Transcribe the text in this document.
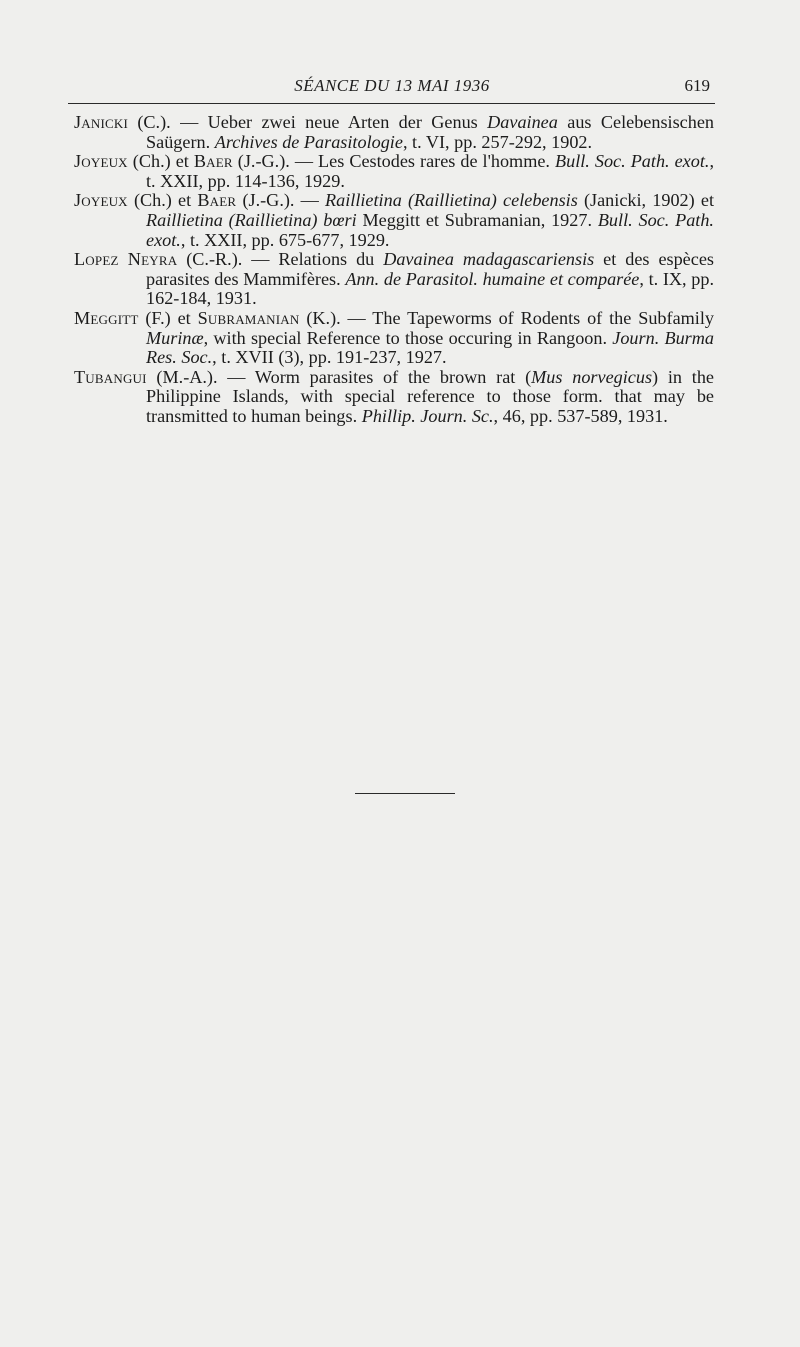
SÉANCE DU 13 MAI 1936	619

Janicki (C.). — Ueber zwei neue Arten der Genus Davainea aus Celebensischen Saügern. Archives de Parasitologie, t. VI, pp. 257-292, 1902.

Joyeux (Ch.) et Baer (J.-G.). — Les Cestodes rares de l'homme. Bull. Soc. Path. exot., t. XXII, pp. 114-136, 1929.

Joyeux (Ch.) et Baer (J.-G.). — Raillietina (Raillietina) celebensis (Janicki, 1902) et Raillietina (Raillietina) bœri Meggitt et Subramanian, 1927. Bull. Soc. Path. exot., t. XXII, pp. 675-677, 1929.

Lopez Neyra (C.-R.). — Relations du Davainea madagascariensis et des espèces parasites des Mammifères. Ann. de Parasitol. humaine et comparée, t. IX, pp. 162-184, 1931.

Meggitt (F.) et Subramanian (K.). — The Tapeworms of Rodents of the Subfamily Murinæ, with special Reference to those occuring in Rangoon. Journ. Burma Res. Soc., t. XVII (3), pp. 191-237, 1927.

Tubangui (M.-A.). — Worm parasites of the brown rat (Mus norvegicus) in the Philippine Islands, with special reference to those form. that may be transmitted to human beings. Phillip. Journ. Sc., 46, pp. 537-589, 1931.
